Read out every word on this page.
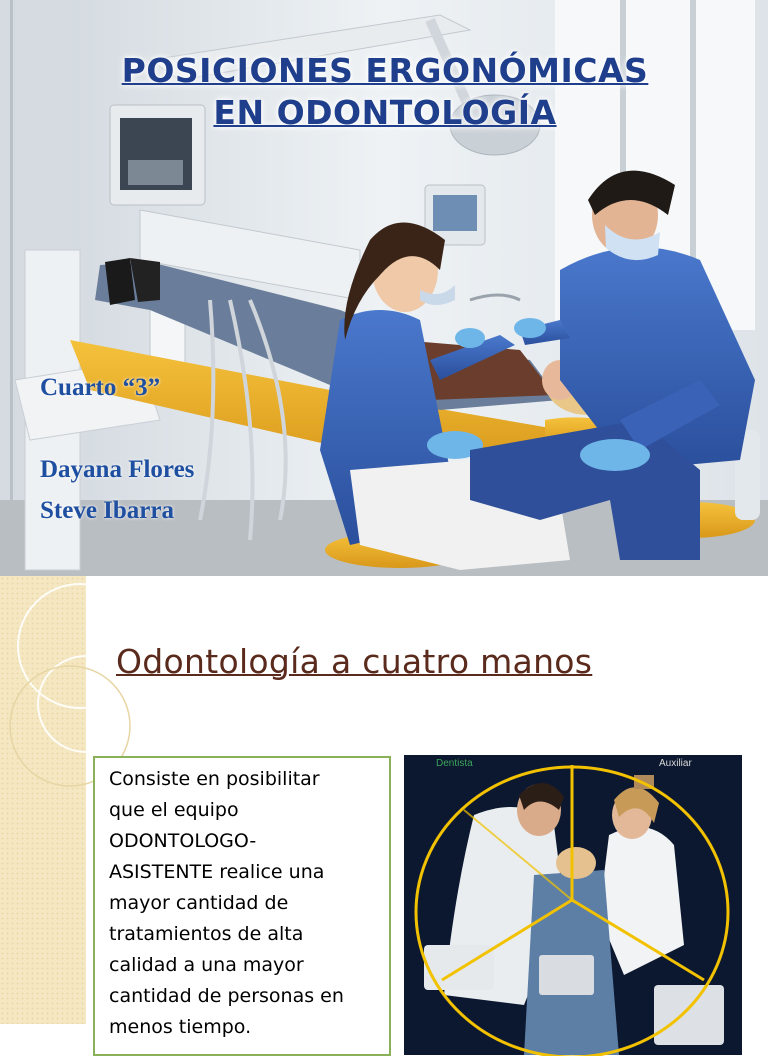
POSICIONES ERGONÓMICAS
EN ODONTOLOGÍA
Cuarto “3”
Dayana Flores
Steve Ibarra
Odontología a cuatro manos
Consiste en posibilitar
que el equipo
ODONTOLOGO-
ASISTENTE realice una
mayor cantidad de
tratamientos de alta
calidad a una mayor
cantidad de personas en
menos tiempo.
Dentista	Auxiliar
